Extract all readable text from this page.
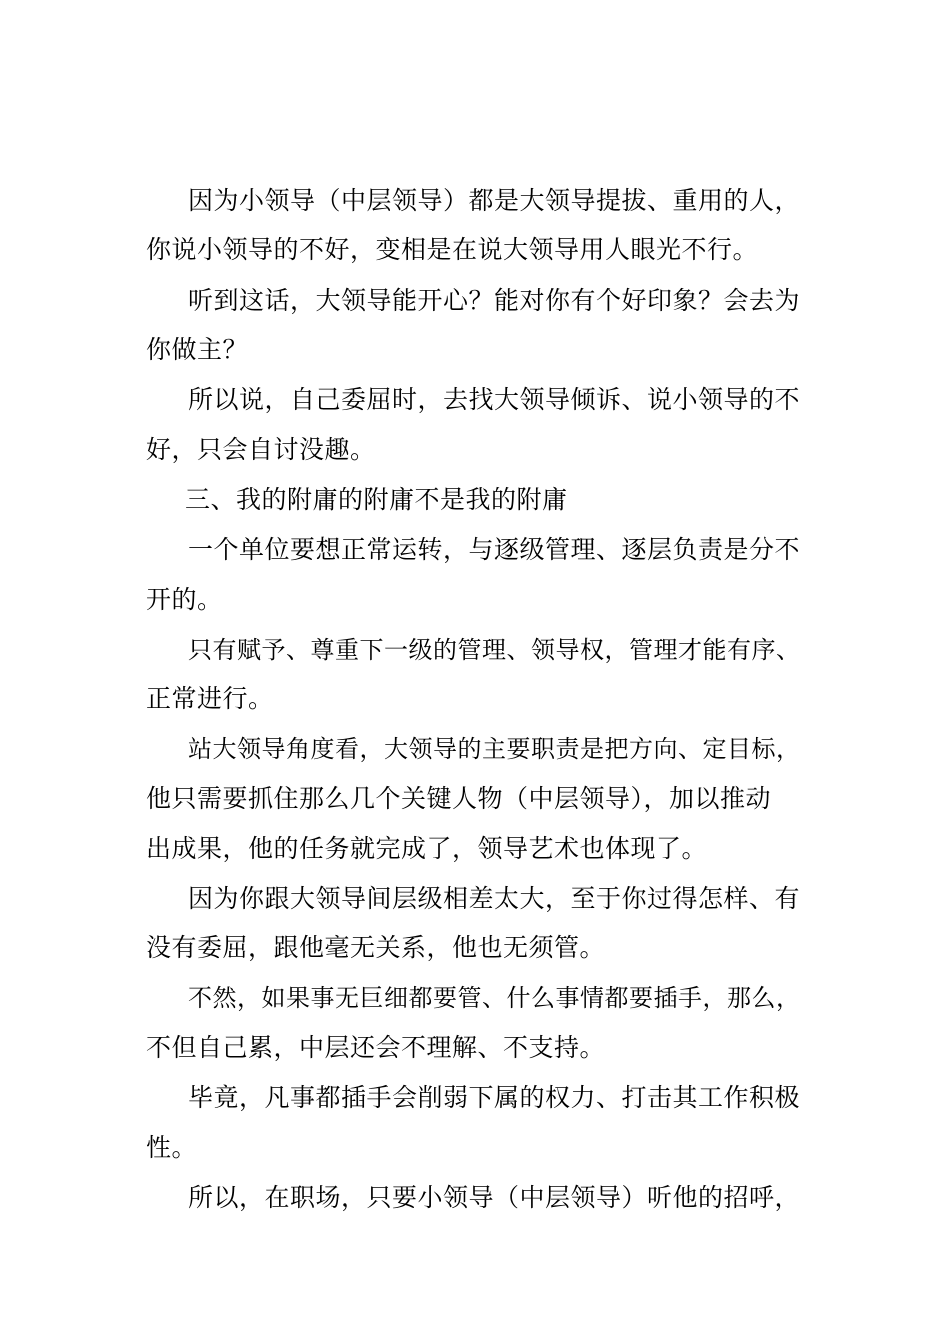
因为小领导（中层领导）都是大领导提拔、重用的人，
你说小领导的不好，变相是在说大领导用人眼光不行。
听到这话，大领导能开心？能对你有个好印象？会去为
你做主？
所以说，自己委屈时，去找大领导倾诉、说小领导的不
好，只会自讨没趣。
三、我的附庸的附庸不是我的附庸
一个单位要想正常运转，与逐级管理、逐层负责是分不
开的。
只有赋予、尊重下一级的管理、领导权，管理才能有序、
正常进行。
站大领导角度看，大领导的主要职责是把方向、定目标，
他只需要抓住那么几个关键人物（中层领导），加以推动
出成果，他的任务就完成了，领导艺术也体现了。
因为你跟大领导间层级相差太大，至于你过得怎样、有
没有委屈，跟他毫无关系，他也无须管。
不然，如果事无巨细都要管、什么事情都要插手，那么，
不但自己累，中层还会不理解、不支持。
毕竟，凡事都插手会削弱下属的权力、打击其工作积极
性。
所以，在职场，只要小领导（中层领导）听他的招呼，
